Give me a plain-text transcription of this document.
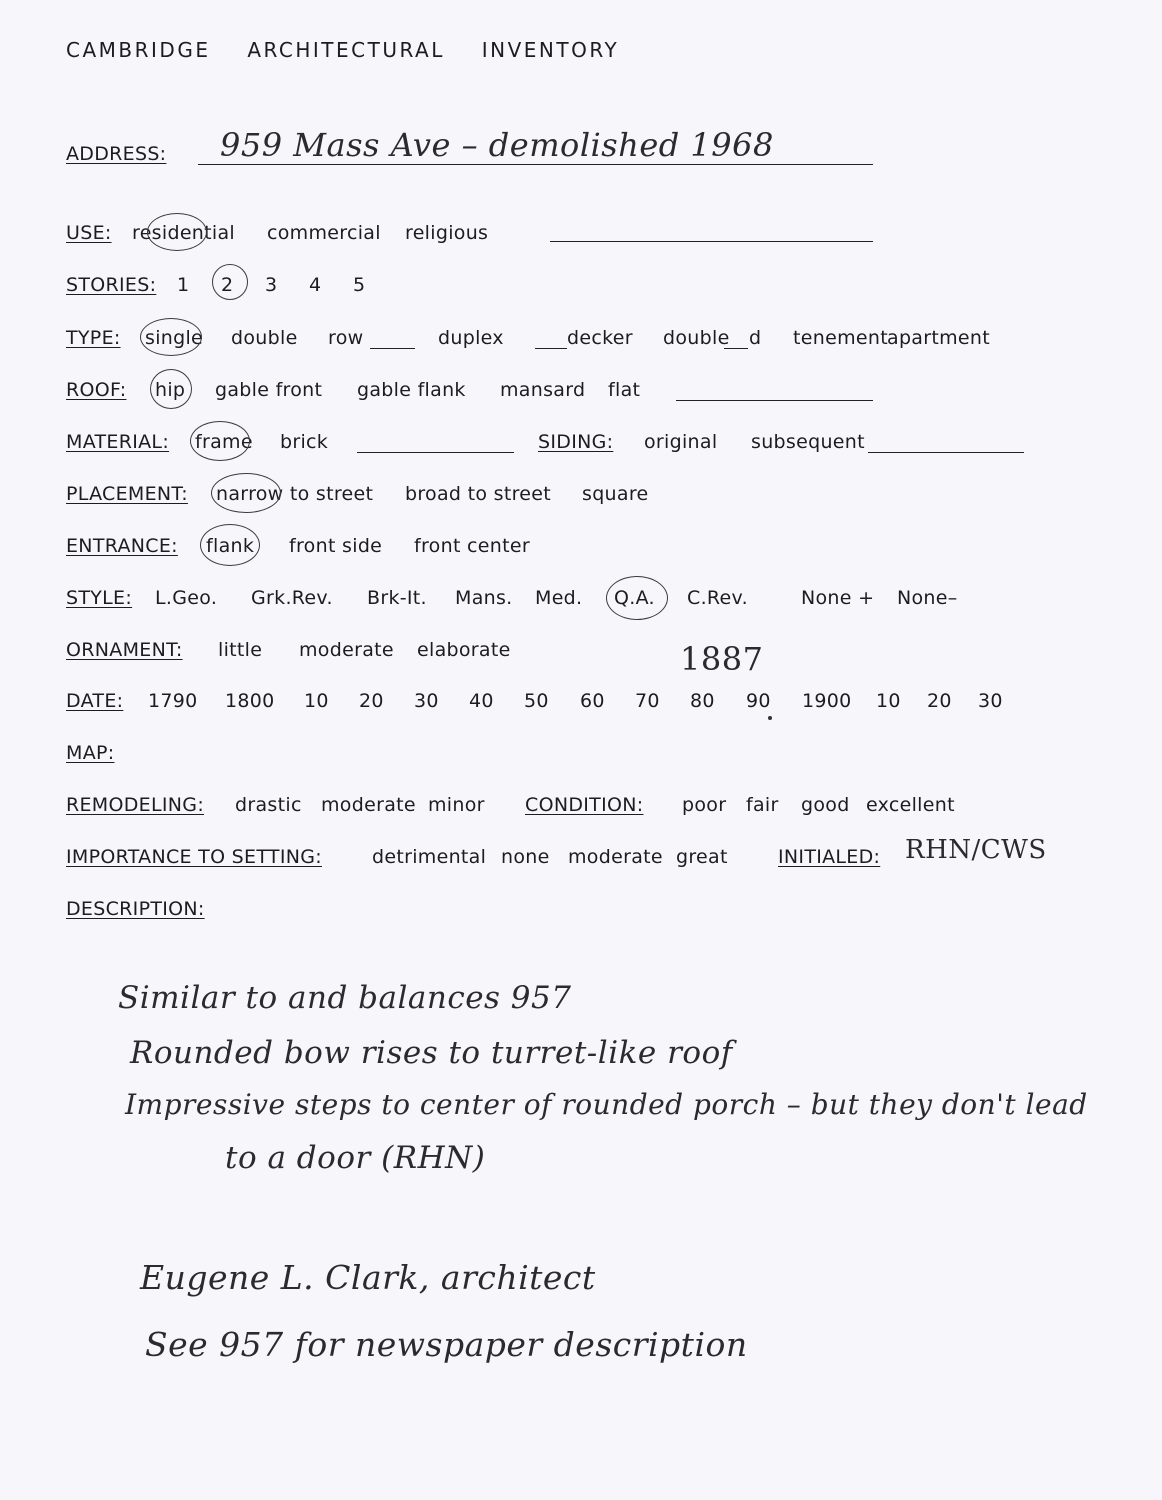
CAMBRIDGE ARCHITECTURAL INVENTORY
ADDRESS: 959 Mass Ave – demolished 1968
USE: residential commercial religious
STORIES: 1 2 3 4 5
TYPE: single double row	duplex	decker double d tenement apartment
ROOF: hip gable front gable flank mansard flat
MATERIAL: frame brick	SIDING: original subsequent
PLACEMENT: narrow to street broad to street square
ENTRANCE: flank front side front center
STYLE: L.Geo. Grk.Rev. Brk-It. Mans. Med. Q.A. C.Rev.	None + None–
ORNAMENT: little moderate elaborate	1887
DATE: 1790 1800 10 20 30 40 50 60 70 80 90 1900 10 20 30
MAP:
REMODELING: drastic moderate minor CONDITION: poor fair good excellent
IMPORTANCE TO SETTING:	detrimental none moderate great	INITIALED: RHN/CWS
DESCRIPTION:
Similar to and balances 957
Rounded bow rises to turret-like roof
Impressive steps to center of rounded porch – but they don't lead
to a door (RHN)
Eugene L. Clark, architect
See 957 for newspaper description
